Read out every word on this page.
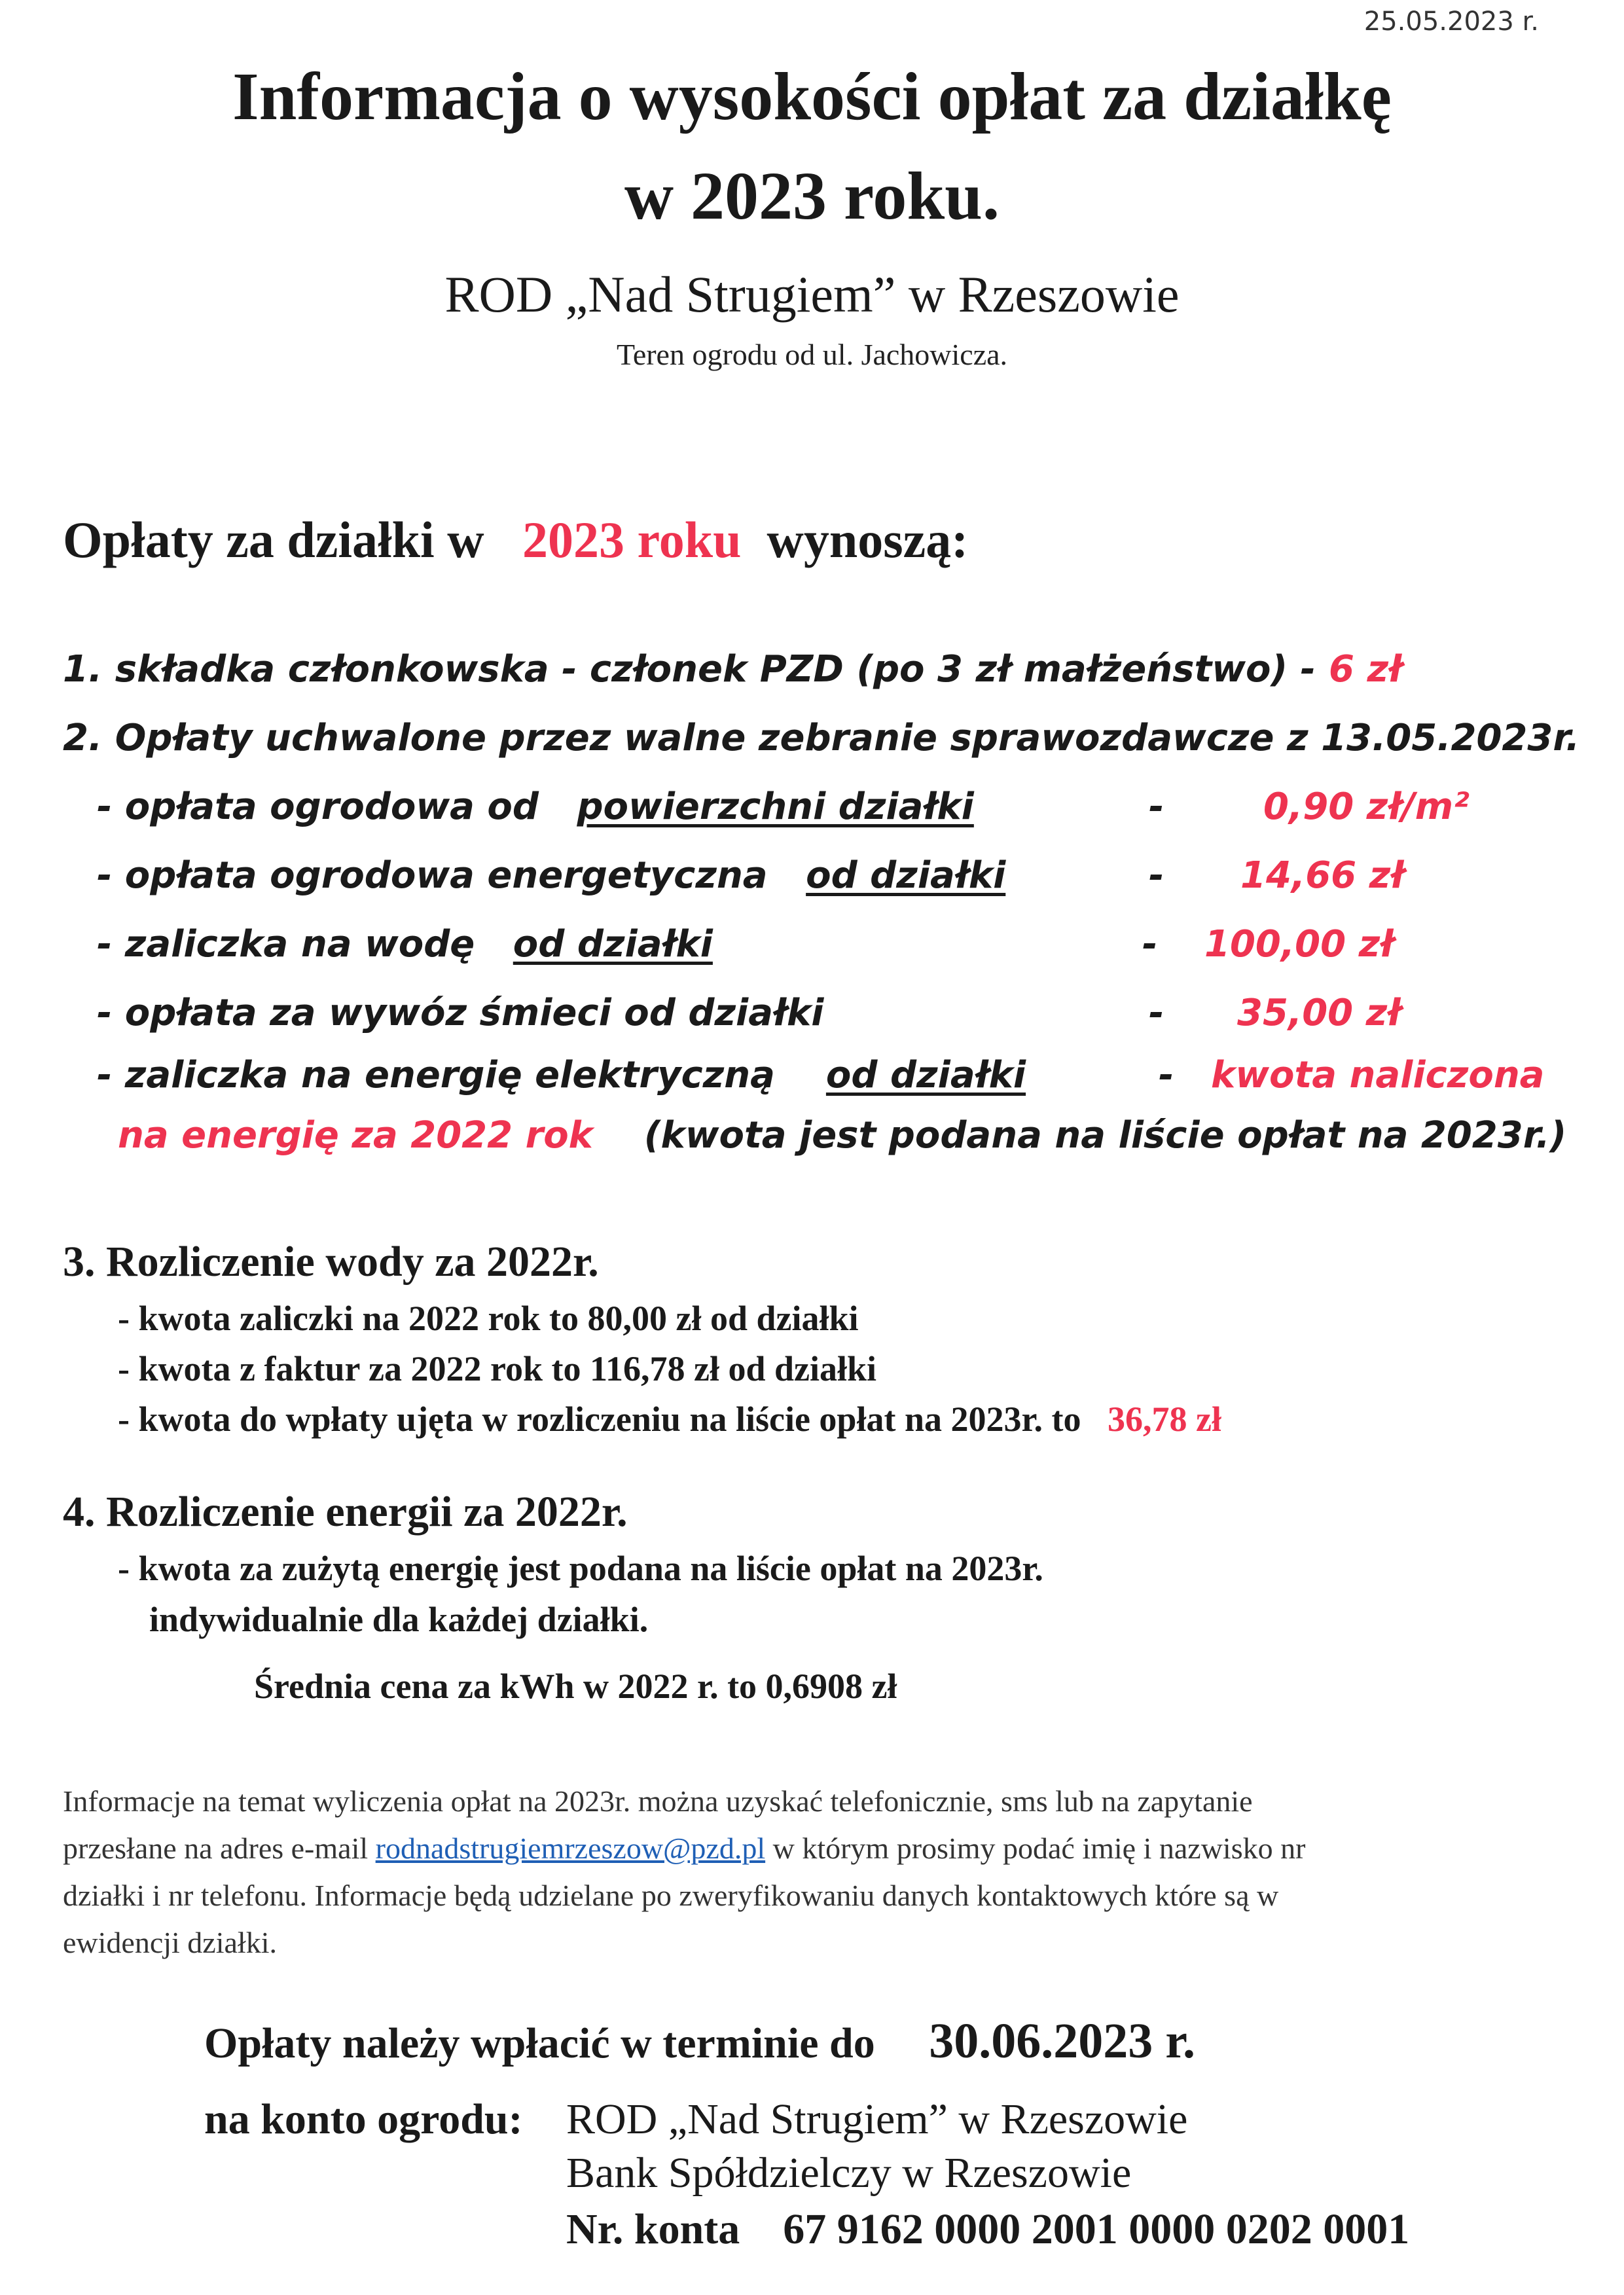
25.05.2023 r.
Informacja o wysokości opłat za działkę
w 2023 roku.
ROD „Nad Strugiem” w Rzeszowie
Teren ogrodu od ul. Jachowicza.
Opłaty za działki w 2023 roku wynoszą:
1. składka członkowska - członek PZD (po 3 zł małżeństwo) - 6 zł
2. Opłaty uchwalone przez walne zebranie sprawozdawcze z 13.05.2023r.
- opłata ogrodowa od powierzchni działki	-	0,90 zł/m²
- opłata ogrodowa energetyczna od działki	- 14,66 zł
- zaliczka na wodę od działki	- 100,00 zł
- opłata za wywóz śmieci od działki	- 35,00 zł
- zaliczka na energię elektryczną od działki	- kwota naliczona
na energię za 2022 rok (kwota jest podana na liście opłat na 2023r.)
3. Rozliczenie wody za 2022r.
- kwota zaliczki na 2022 rok to 80,00 zł od działki
- kwota z faktur za 2022 rok to 116,78 zł od działki
- kwota do wpłaty ujęta w rozliczeniu na liście opłat na 2023r. to 36,78 zł
4. Rozliczenie energii za 2022r.
- kwota za zużytą energię jest podana na liście opłat na 2023r.
indywidualnie dla każdej działki.
Średnia cena za kWh w 2022 r. to 0,6908 zł
Informacje na temat wyliczenia opłat na 2023r. można uzyskać telefonicznie, sms lub na zapytanie
przesłane na adres e-mail rodnadstrugiemrzeszow@pzd.pl w którym prosimy podać imię i nazwisko nr
działki i nr telefonu. Informacje będą udzielane po zweryfikowaniu danych kontaktowych które są w
ewidencji działki.
Opłaty należy wpłacić w terminie do 30.06.2023 r.
na konto ogrodu: ROD „Nad Strugiem” w Rzeszowie
Bank Spółdzielczy w Rzeszowie
Nr. konta 67 9162 0000 2001 0000 0202 0001
